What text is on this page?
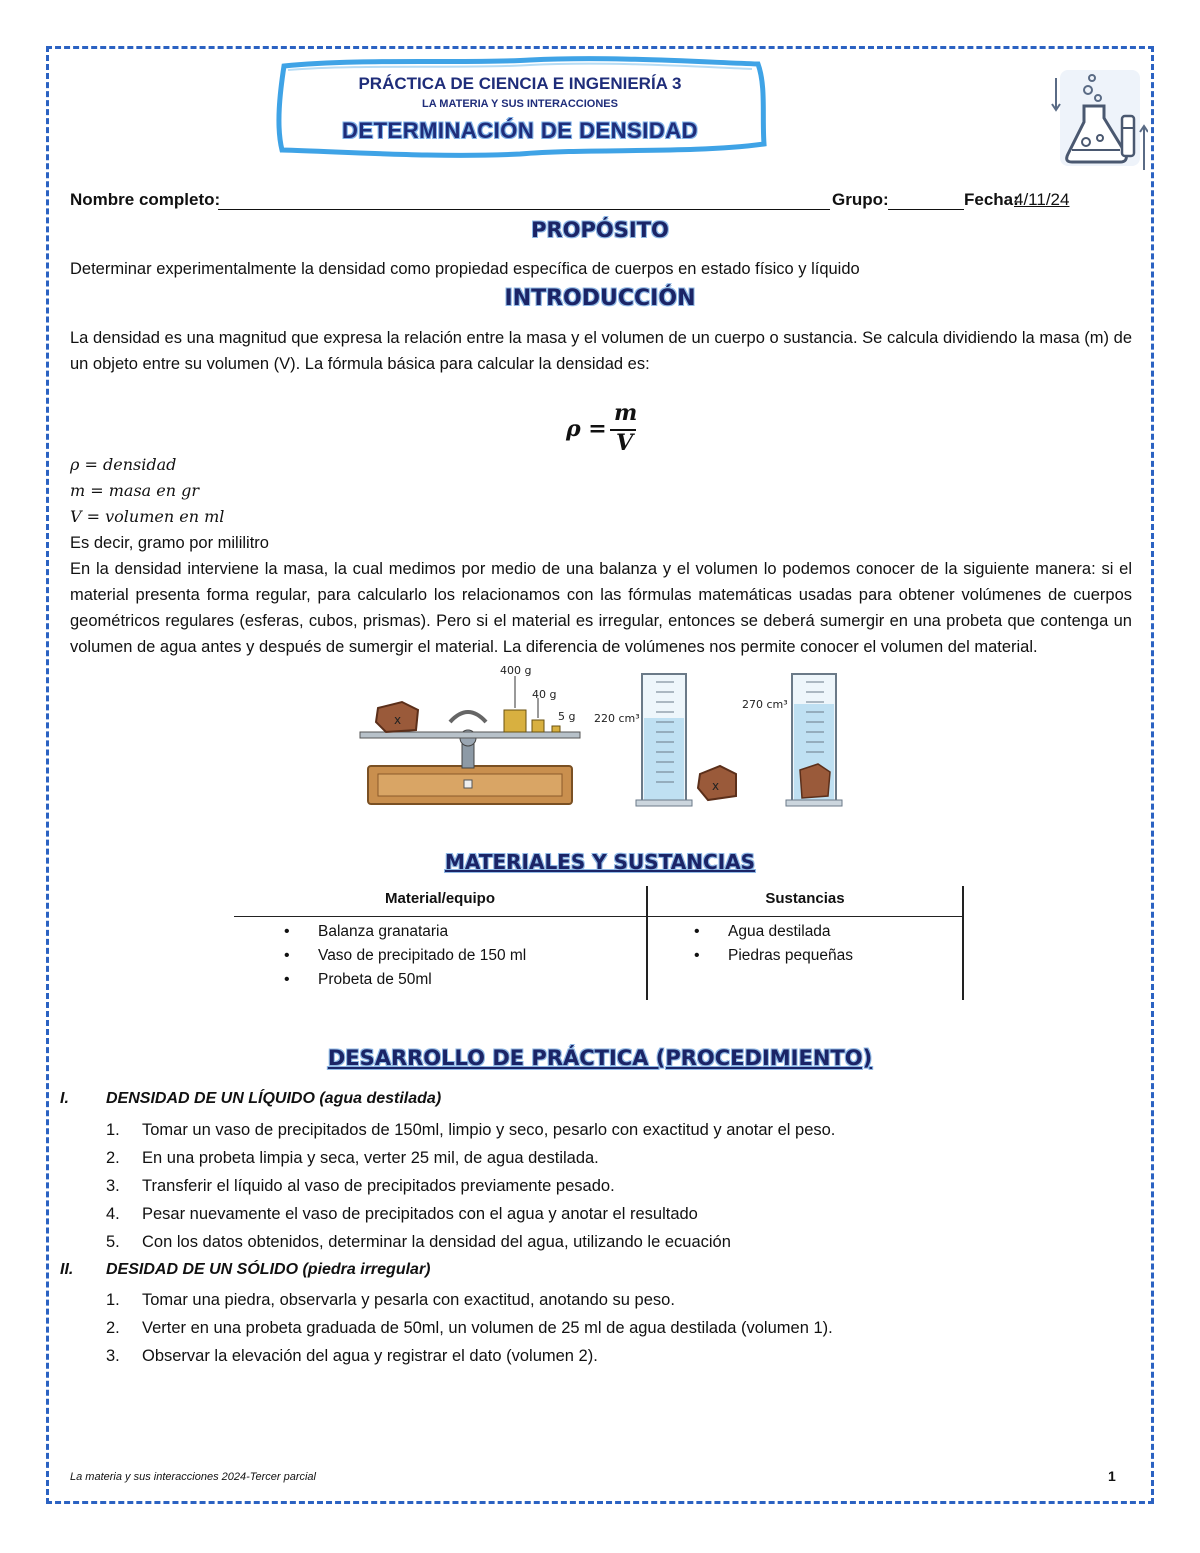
PRÁCTICA DE CIENCIA E INGENIERÍA 3
LA MATERIA Y SUS INTERACCIONES
DETERMINACIÓN DE DENSIDAD
Nombre completo:	Grupo:	Fecha:
4/11/24
PROPÓSITO
Determinar experimentalmente la densidad como propiedad específica de cuerpos en estado físico y líquido
INTRODUCCIÓN
La densidad es una magnitud que expresa la relación entre la masa y el volumen de un cuerpo o sustancia. Se calcula dividiendo la masa (m) de un objeto entre su volumen (V). La fórmula básica para calcular la densidad es:
ρ =
m
V
ρ = densidad
m = masa en gr
V = volumen en ml
Es decir, gramo por mililitro
En la densidad interviene la masa, la cual medimos por medio de una balanza y el volumen lo podemos conocer de la siguiente manera: si el material presenta forma regular, para calcularlo los relacionamos con las fórmulas matemáticas usadas para obtener volúmenes de cuerpos geométricos regulares (esferas, cubos, prismas). Pero si el material es irregular, entonces se deberá sumergir en una probeta que contenga un volumen de agua antes y después de sumergir el material. La diferencia de volúmenes nos permite conocer el volumen del material.
x
400 g
40 g
5 g 220 cm³
x
270 cm³
MATERIALES Y SUSTANCIAS
Material/equipo	Sustancias
• Balanza granataria
• Vaso de precipitado de 150 ml
• Probeta de 50ml
• Agua destilada
• Piedras pequeñas
DESARROLLO DE PRÁCTICA (PROCEDIMIENTO)
I. DENSIDAD DE UN LÍQUIDO (agua destilada)
1. Tomar un vaso de precipitados de 150ml, limpio y seco, pesarlo con exactitud y anotar el peso.
2. En una probeta limpia y seca, verter 25 mil, de agua destilada.
3. Transferir el líquido al vaso de precipitados previamente pesado.
4. Pesar nuevamente el vaso de precipitados con el agua y anotar el resultado
5. Con los datos obtenidos, determinar la densidad del agua, utilizando le ecuación
II. DESIDAD DE UN SÓLIDO (piedra irregular)
1. Tomar una piedra, observarla y pesarla con exactitud, anotando su peso.
2. Verter en una probeta graduada de 50ml, un volumen de 25 ml de agua destilada (volumen 1).
3. Observar la elevación del agua y registrar el dato (volumen 2).
La materia y sus interacciones 2024-Tercer parcial	1
